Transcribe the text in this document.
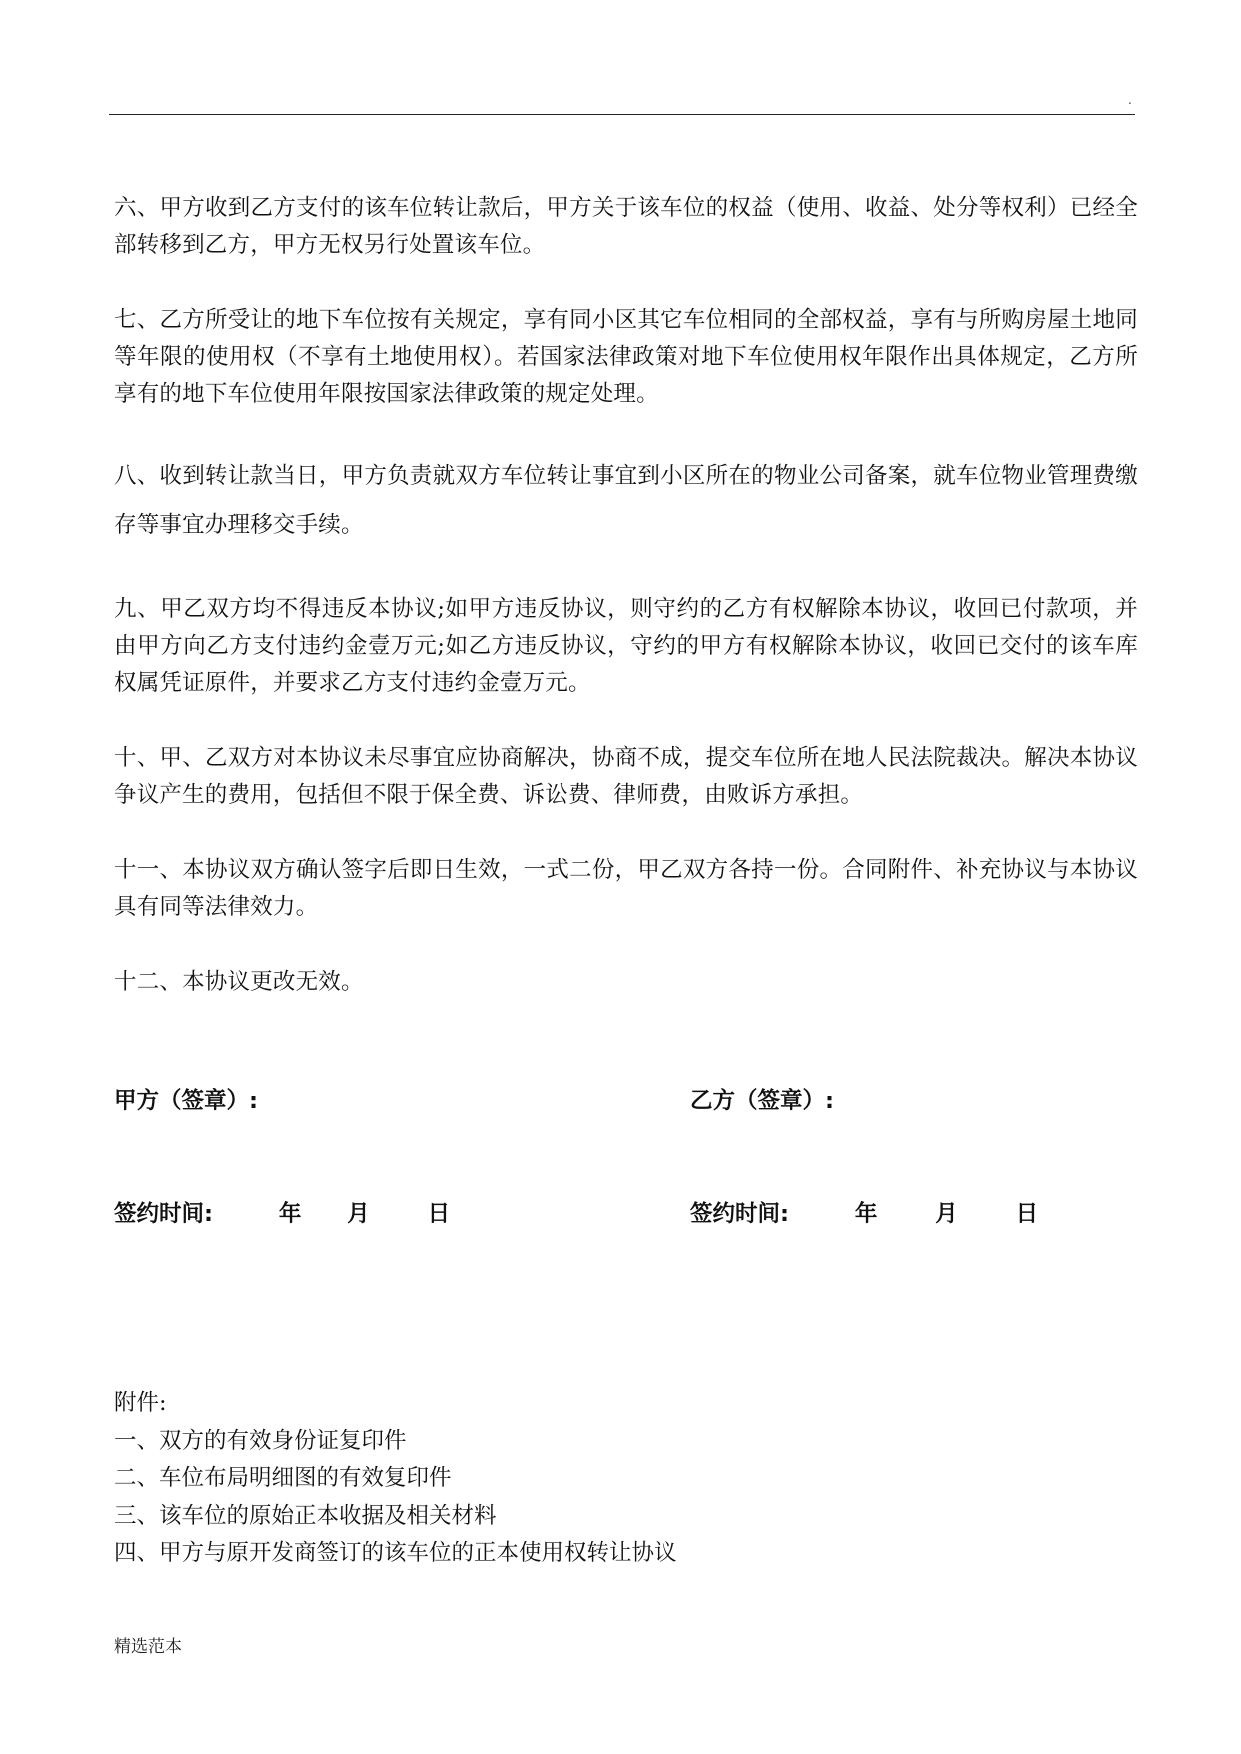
.

六、甲方收到乙方支付的该车位转让款后，甲方关于该车位的权益（使用、收益、处分等权利）已经全部转移到乙方，甲方无权另行处置该车位。

七、乙方所受让的地下车位按有关规定，享有同小区其它车位相同的全部权益，享有与所购房屋土地同等年限的使用权（不享有土地使用权）。若国家法律政策对地下车位使用权年限作出具体规定，乙方所享有的地下车位使用年限按国家法律政策的规定处理。

八、收到转让款当日，甲方负责就双方车位转让事宜到小区所在的物业公司备案，就车位物业管理费缴存等事宜办理移交手续。

九、甲乙双方均不得违反本协议;如甲方违反协议，则守约的乙方有权解除本协议，收回已付款项，并由甲方向乙方支付违约金壹万元;如乙方违反协议，守约的甲方有权解除本协议，收回已交付的该车库权属凭证原件，并要求乙方支付违约金壹万元。

十、甲、乙双方对本协议未尽事宜应协商解决，协商不成，提交车位所在地人民法院裁决。解决本协议争议产生的费用，包括但不限于保全费、诉讼费、律师费，由败诉方承担。

十一、本协议双方确认签字后即日生效，一式二份，甲乙双方各持一份。合同附件、补充协议与本协议具有同等法律效力。

十二、本协议更改无效。

甲方（签章）:	乙方（签章）:
签约时间:	年 月	日	签约时间:	年	月	日
附件:
一、双方的有效身份证复印件
二、车位布局明细图的有效复印件
三、该车位的原始正本收据及相关材料
四、甲方与原开发商签订的该车位的正本使用权转让协议
精选范本
